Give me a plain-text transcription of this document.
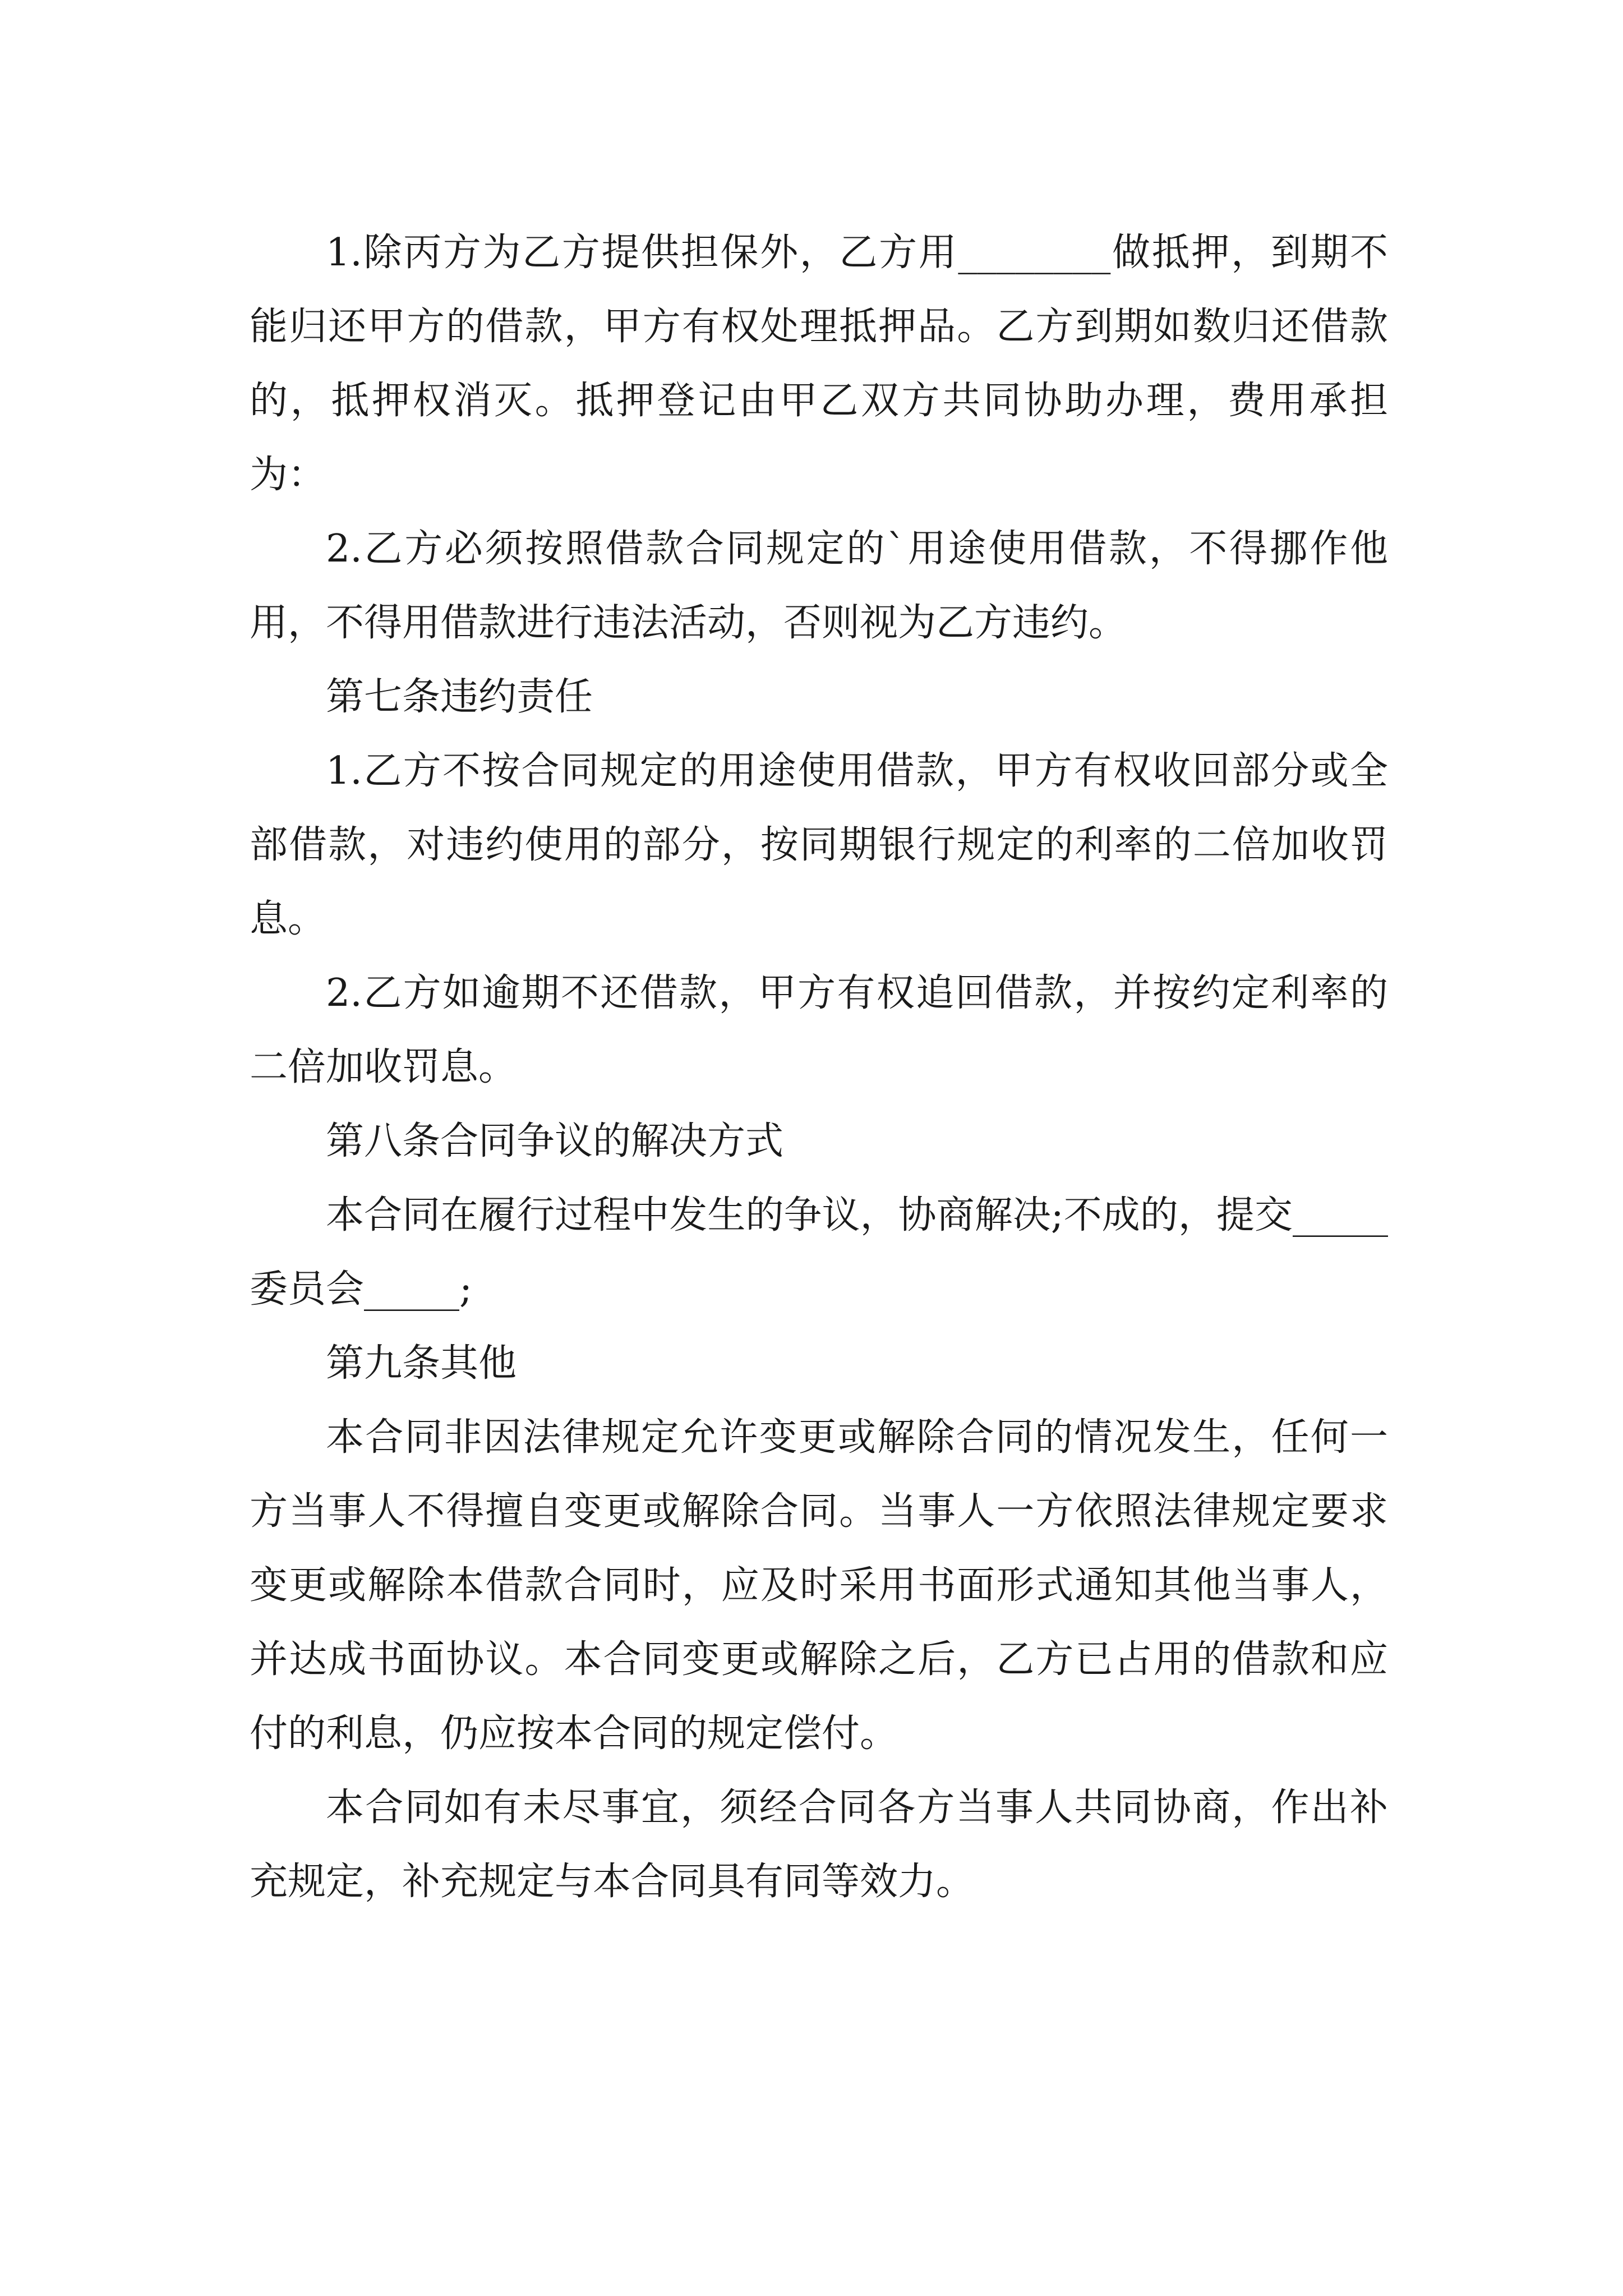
1.除丙方为乙方提供担保外，乙方用________做抵押，到期不能归还甲方的借款，甲方有权处理抵押品。乙方到期如数归还借款的，抵押权消灭。抵押登记由甲乙双方共同协助办理，费用承担为：

2.乙方必须按照借款合同规定的`用途使用借款，不得挪作他用，不得用借款进行违法活动，否则视为乙方违约。

第七条违约责任

1.乙方不按合同规定的用途使用借款，甲方有权收回部分或全部借款，对违约使用的部分，按同期银行规定的利率的二倍加收罚息。

2.乙方如逾期不还借款，甲方有权追回借款，并按约定利率的二倍加收罚息。

第八条合同争议的解决方式

本合同在履行过程中发生的争议，协商解决;不成的，提交_____委员会_____;

第九条其他

本合同非因法律规定允许变更或解除合同的情况发生，任何一方当事人不得擅自变更或解除合同。当事人一方依照法律规定要求变更或解除本借款合同时，应及时采用书面形式通知其他当事人，并达成书面协议。本合同变更或解除之后，乙方已占用的借款和应付的利息，仍应按本合同的规定偿付。

本合同如有未尽事宜，须经合同各方当事人共同协商，作出补充规定，补充规定与本合同具有同等效力。
